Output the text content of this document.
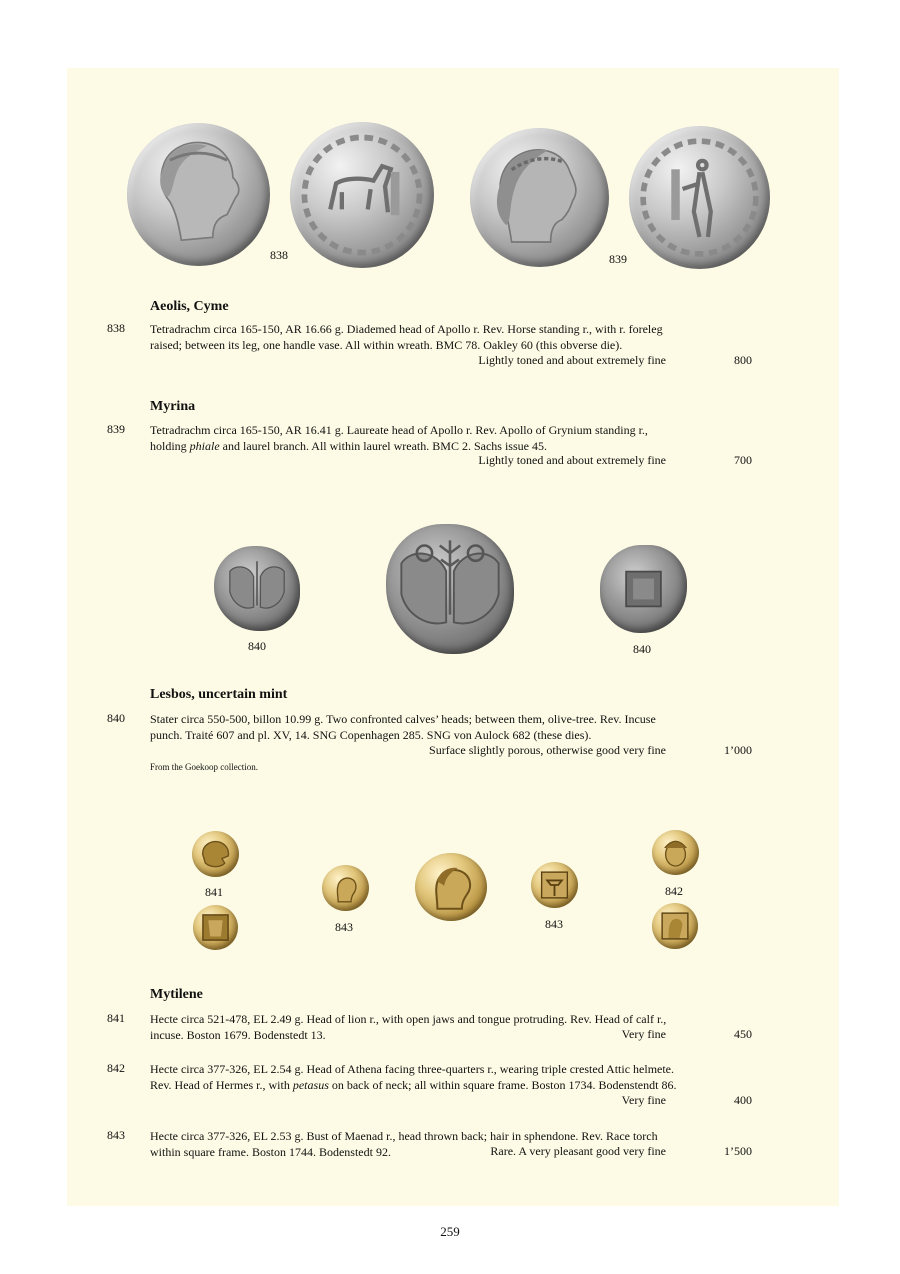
838	839
Aeolis, Cyme
838 Tetradrachm circa 165-150, AR 16.66 g. Diademed head of Apollo r. Rev. Horse standing r., with r. foreleg
raised; between its leg, one handle vase. All within wreath. BMC 78. Oakley 60 (this obverse die).
Lightly toned and about extremely fine	800
Myrina
839 Tetradrachm circa 165-150, AR 16.41 g. Laureate head of Apollo r. Rev. Apollo of Grynium standing r.,
holding phiale and laurel branch. All within laurel wreath. BMC 2. Sachs issue 45.
Lightly toned and about extremely fine	700
840	840
Lesbos, uncertain mint
840 Stater circa 550-500, billon 10.99 g. Two confronted calves’ heads; between them, olive-tree. Rev. Incuse
punch. Traité 607 and pl. XV, 14. SNG Copenhagen 285. SNG von Aulock 682 (these dies).
Surface slightly porous, otherwise good very fine	1’000
From the Goekoop collection.
841
843	843
842
Mytilene
841 Hecte circa 521-478, EL 2.49 g. Head of lion r., with open jaws and tongue protruding. Rev. Head of calf r.,
incuse. Boston 1679. Bodenstedt 13.	Very fine	450
842 Hecte circa 377-326, EL 2.54 g. Head of Athena facing three-quarters r., wearing triple crested Attic helmete.
Rev. Head of Hermes r., with petasus on back of neck; all within square frame. Boston 1734. Bodenstendt 86.
Very fine	400
843 Hecte circa 377-326, EL 2.53 g. Bust of Maenad r., head thrown back; hair in sphendone. Rev. Race torch
within square frame. Boston 1744. Bodenstedt 92.	Rare. A very pleasant good very fine	1’500
259
